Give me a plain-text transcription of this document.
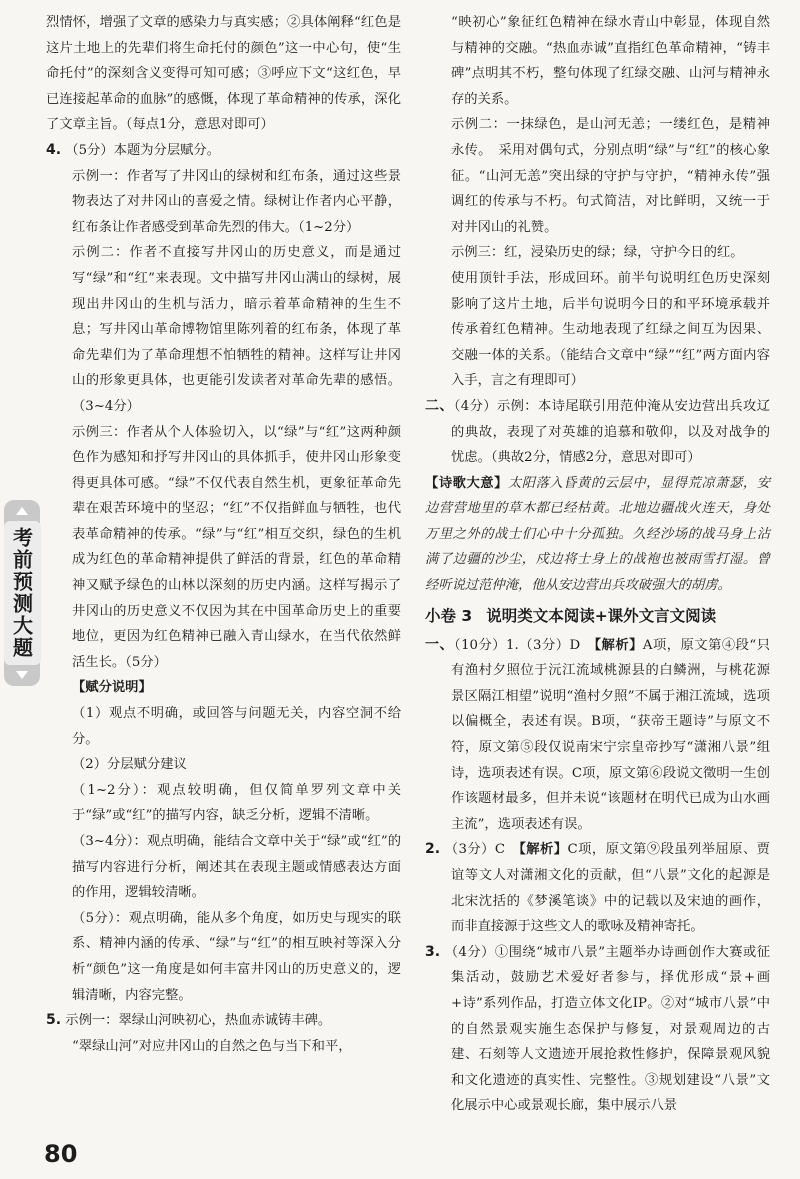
烈情怀，增强了文章的感染力与真实感；②具体阐释“红色是这片土地上的先辈们将生命托付的颜色”这一中心句，使“生命托付”的深刻含义变得可知可感；③呼应下文“这红色，早已连接起革命的血脉”的感慨，体现了革命精神的传承，深化了文章主旨。（每点1分，意思对即可）

4. （5分）本题为分层赋分。

示例一：作者写了井冈山的绿树和红布条，通过这些景物表达了对井冈山的喜爱之情。绿树让作者内心平静，红布条让作者感受到革命先烈的伟大。（1~2分）

示例二：作者不直接写井冈山的历史意义，而是通过写“绿”和“红”来表现。文中描写井冈山满山的绿树，展现出井冈山的生机与活力，暗示着革命精神的生生不息；写井冈山革命博物馆里陈列着的红布条，体现了革命先辈们为了革命理想不怕牺牲的精神。这样写让井冈山的形象更具体，也更能引发读者对革命先辈的感悟。（3~4分）

示例三：作者从个人体验切入，以“绿”与“红”这两种颜色作为感知和抒写井冈山的具体抓手，使井冈山形象变得更具体可感。“绿”不仅代表自然生机，更象征革命先辈在艰苦环境中的坚忍；“红”不仅指鲜血与牺牲，也代表革命精神的传承。“绿”与“红”相互交织，绿色的生机成为红色的革命精神提供了鲜活的背景，红色的革命精神又赋予绿色的山林以深刻的历史内涵。这样写揭示了井冈山的历史意义不仅因为其在中国革命历史上的重要地位，更因为红色精神已融入青山绿水，在当代依然鲜活生长。（5分）

【赋分说明】

（1）观点不明确，或回答与问题无关，内容空洞不给分。

（2）分层赋分建议

（1~2分）：观点较明确，但仅简单罗列文章中关于“绿”或“红”的描写内容，缺乏分析，逻辑不清晰。

（3~4分）：观点明确，能结合文章中关于“绿”或“红”的描写内容进行分析，阐述其在表现主题或情感表达方面的作用，逻辑较清晰。

（5分）：观点明确，能从多个角度，如历史与现实的联系、精神内涵的传承、“绿”与“红”的相互映衬等深入分析“颜色”这一角度是如何丰富井冈山的历史意义的，逻辑清晰，内容完整。

5. 示例一：翠绿山河映初心，热血赤诚铸丰碑。

“翠绿山河”对应井冈山的自然之色与当下和平，

“映初心”象征红色精神在绿水青山中彰显，体现自然与精神的交融。“热血赤诚”直指红色革命精神，“铸丰碑”点明其不朽，整句体现了红绿交融、山河与精神永存的关系。

示例二：一抹绿色，是山河无恙；一缕红色，是精神永传。　采用对偶句式，分别点明“绿”与“红”的核心象征。“山河无恙”突出绿的守护与守护，“精神永传”强调红的传承与不朽。句式简洁，对比鲜明，又统一于对井冈山的礼赞。

示例三：红，浸染历史的绿；绿，守护今日的红。

使用顶针手法，形成回环。前半句说明红色历史深刻影响了这片土地，后半句说明今日的和平环境承载并传承着红色精神。生动地表现了红绿之间互为因果、交融一体的关系。（能结合文章中“绿”“红”两方面内容入手，言之有理即可）

二、（4分）示例：本诗尾联引用范仲淹从安边营出兵攻辽的典故，表现了对英雄的追慕和敬仰，以及对战争的忧虑。（典故2分，情感2分，意思对即可）

【诗歌大意】太阳落入昏黄的云层中，显得荒凉萧瑟，安边营营地里的草木都已经枯黄。北地边疆战火连天，身处万里之外的战士们心中十分孤独。久经沙场的战马身上沾满了边疆的沙尘，戍边将士身上的战袍也被雨雪打湿。曾经听说过范仲淹，他从安边营出兵攻破强大的胡虏。

小卷 3 说明类文本阅读+课外文言文阅读

一、（10分）1.（3分）D　【解析】A项，原文第④段“只有渔村夕照位于沅江流域桃源县的白鳞洲，与桃花源景区隔江相望”说明“渔村夕照”不属于湘江流域，选项以偏概全，表述有误。B项，“获帝王题诗”与原文不符，原文第⑤段仅说南宋宁宗皇帝抄写“潇湘八景”组诗，选项表述有误。C项，原文第⑥段说文徵明一生创作该题材最多，但并未说“该题材在明代已成为山水画主流”，选项表述有误。

2. （3分）C　【解析】C项，原文第⑨段虽列举屈原、贾谊等文人对潇湘文化的贡献，但“八景”文化的起源是北宋沈括的《梦溪笔谈》中的记载以及宋迪的画作，而非直接源于这些文人的歌咏及精神寄托。

3. （4分）①围绕“城市八景”主题举办诗画创作大赛或征集活动，鼓励艺术爱好者参与，择优形成“景+画+诗”系列作品，打造立体文化IP。②对“城市八景”中的自然景观实施生态保护与修复，对景观周边的古建、石刻等人文遗迹开展抢救性修护，保障景观风貌和文化遗迹的真实性、完整性。③规划建设“八景”文化展示中心或景观长廊，集中展示八景

考前预测大题
80
